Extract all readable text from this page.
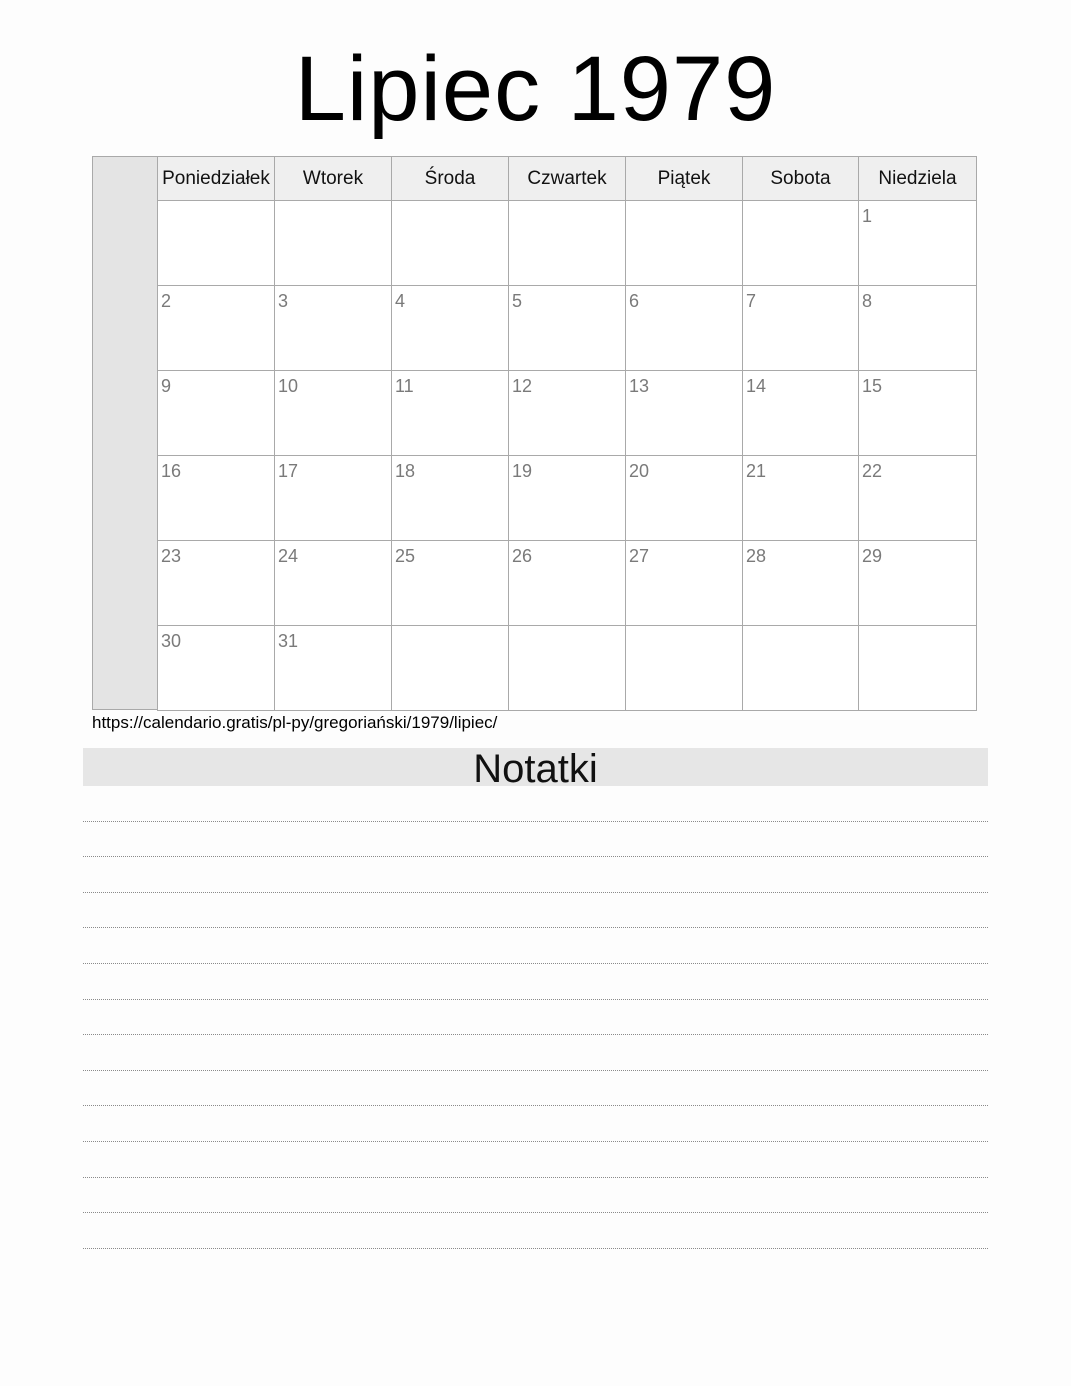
Lipiec 1979
Poniedziałek	Wtorek	Środa	Czwartek	Piątek	Sobota	Niedziela

						1

2	3	4	5	6	7	8

9	10	11	12	13	14	15

16	17	18	19	20	21	22

23	24	25	26	27	28	29

30	31					

https://calendario.gratis/pl-py/gregoriański/1979/lipiec/
Notatki
